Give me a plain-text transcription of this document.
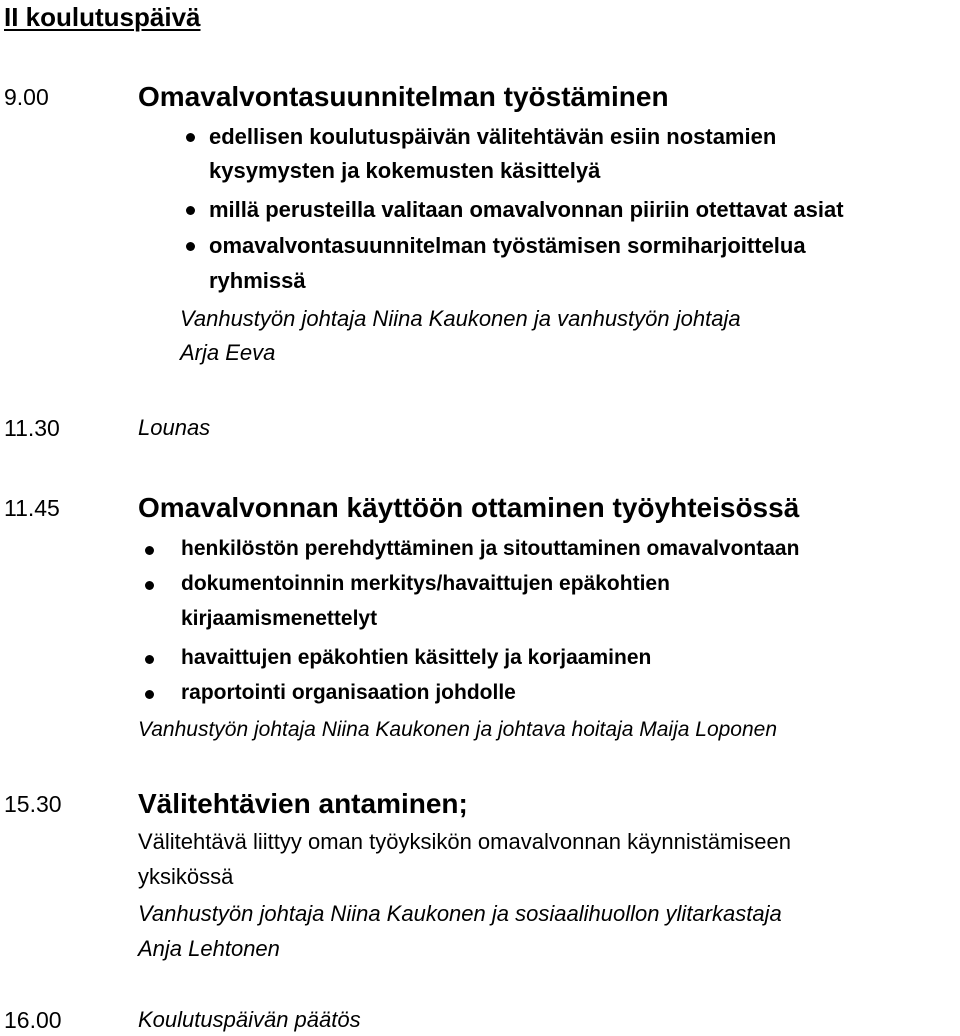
II koulutuspäivä
9.00	Omavalvontasuunnitelman työstäminen
edellisen koulutuspäivän välitehtävän esiin nostamien
kysymysten ja kokemusten käsittelyä
millä perusteilla valitaan omavalvonnan piiriin otettavat asiat
omavalvontasuunnitelman työstämisen sormiharjoittelua
ryhmissä
Vanhustyön johtaja Niina Kaukonen ja vanhustyön johtaja
Arja Eeva
11.30	Lounas
11.45	Omavalvonnan käyttöön ottaminen työyhteisössä
henkilöstön perehdyttäminen ja sitouttaminen omavalvontaan
dokumentoinnin merkitys/havaittujen epäkohtien
kirjaamismenettelyt
havaittujen epäkohtien käsittely ja korjaaminen
raportointi organisaation johdolle
Vanhustyön johtaja Niina Kaukonen ja johtava hoitaja Maija Loponen
15.30	Välitehtävien antaminen;
Välitehtävä liittyy oman työyksikön omavalvonnan käynnistämiseen
yksikössä
Vanhustyön johtaja Niina Kaukonen ja sosiaalihuollon ylitarkastaja
Anja Lehtonen
16.00	Koulutuspäivän päätös
